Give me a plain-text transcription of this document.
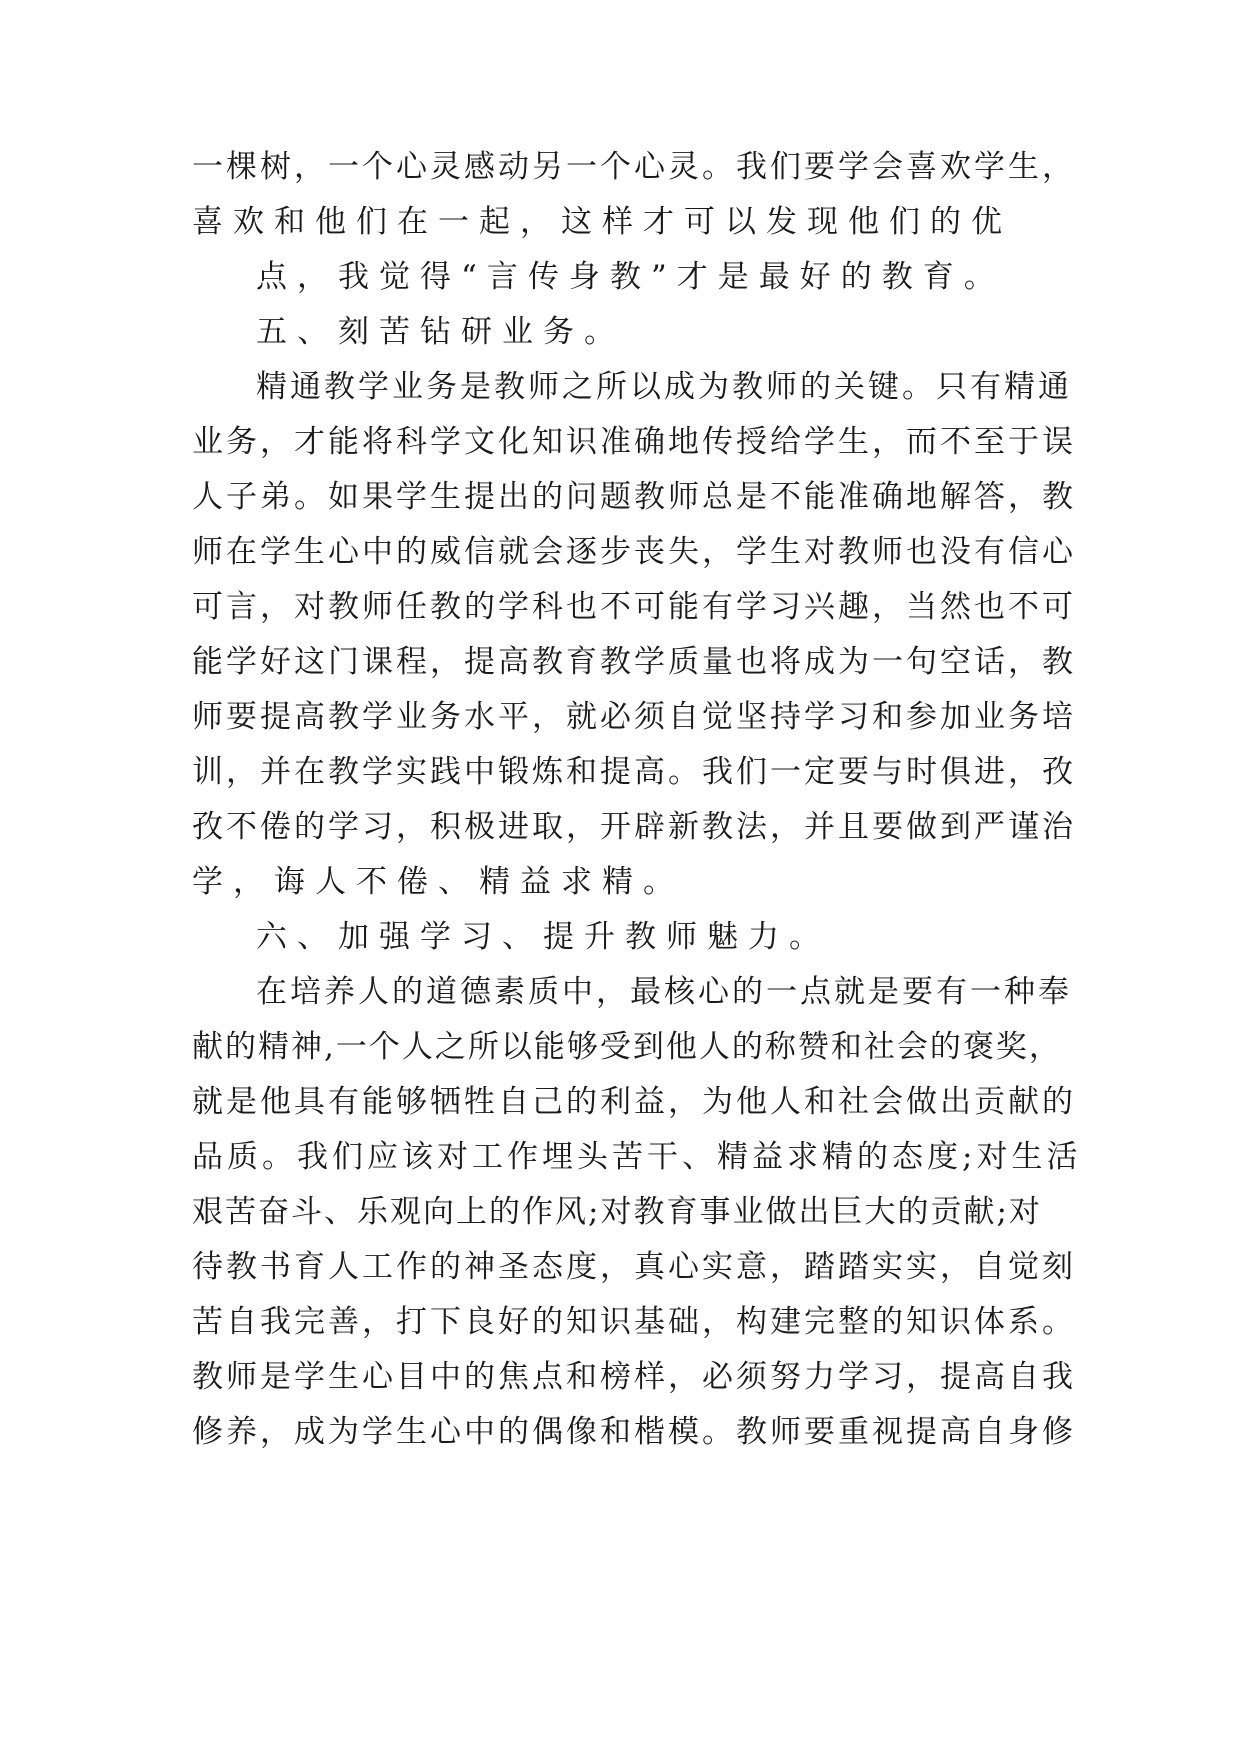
一棵树，一个心灵感动另一个心灵。我们要学会喜欢学生，
喜欢和他们在一起，这样才可以发现他们的优
点，我觉得“言传身教”才是最好的教育。
五、刻苦钻研业务。
精通教学业务是教师之所以成为教师的关键。只有精通
业务，才能将科学文化知识准确地传授给学生，而不至于误
人子弟。如果学生提出的问题教师总是不能准确地解答，教
师在学生心中的威信就会逐步丧失，学生对教师也没有信心
可言，对教师任教的学科也不可能有学习兴趣，当然也不可
能学好这门课程，提高教育教学质量也将成为一句空话，教
师要提高教学业务水平，就必须自觉坚持学习和参加业务培
训，并在教学实践中锻炼和提高。我们一定要与时俱进，孜
孜不倦的学习，积极进取，开辟新教法，并且要做到严谨治
学，诲人不倦、精益求精。
六、加强学习、提升教师魅力。
在培养人的道德素质中，最核心的一点就是要有一种奉
献的精神,一个人之所以能够受到他人的称赞和社会的褒奖，
就是他具有能够牺牲自己的利益，为他人和社会做出贡献的
品质。我们应该对工作埋头苦干、精益求精的态度;对生活
艰苦奋斗、乐观向上的作风;对教育事业做出巨大的贡献;对
待教书育人工作的神圣态度，真心实意，踏踏实实，自觉刻
苦自我完善，打下良好的知识基础，构建完整的知识体系。
教师是学生心目中的焦点和榜样，必须努力学习，提高自我
修养，成为学生心中的偶像和楷模。教师要重视提高自身修
